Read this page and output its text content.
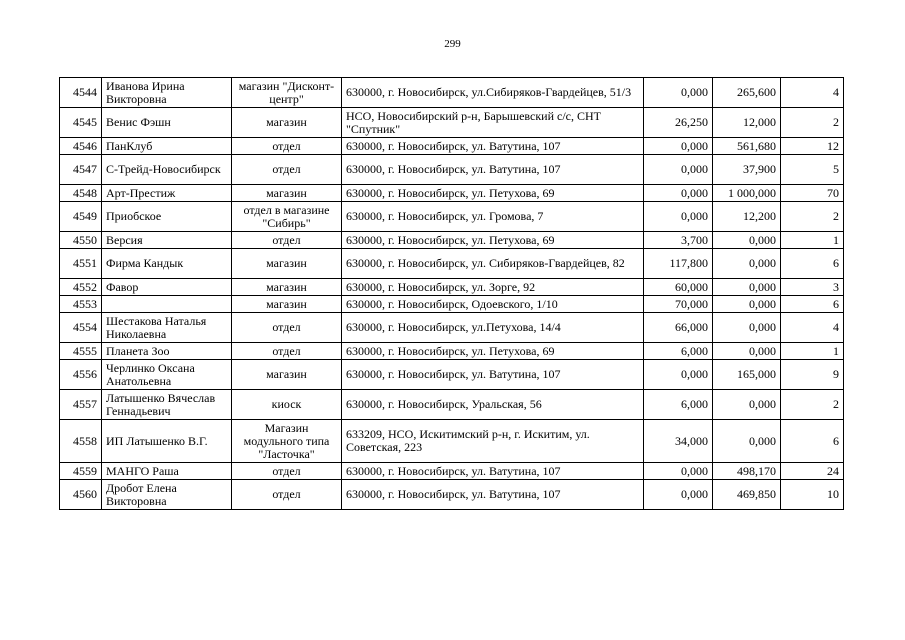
299
4544	Иванова Ирина Викторовна	магазин "Дисконт-центр"	630000, г. Новосибирск, ул.Сибиряков-Гвардейцев, 51/3	0,000	265,600	4
4545	Венис Фэшн	магазин	НСО, Новосибирский р-н, Барышевский с/с, СНТ "Спутник"	26,250	12,000	2
4546	ПанКлуб	отдел	630000, г. Новосибирск, ул. Ватутина, 107	0,000	561,680	12
4547	С-Трейд-Новосибирск	отдел	630000, г. Новосибирск, ул. Ватутина, 107	0,000	37,900	5
4548	Арт-Престиж	магазин	630000, г. Новосибирск, ул. Петухова, 69	0,000	1 000,000	70
4549	Приобское	отдел в магазине "Сибирь"	630000, г. Новосибирск, ул. Громова, 7	0,000	12,200	2
4550	Версия	отдел	630000, г. Новосибирск, ул. Петухова, 69	3,700	0,000	1
4551	Фирма Кандык	магазин	630000, г. Новосибирск, ул. Сибиряков-Гвардейцев, 82	117,800	0,000	6
4552	Фавор	магазин	630000, г. Новосибирск, ул. Зорге, 92	60,000	0,000	3
4553		магазин	630000, г. Новосибирск, Одоевского, 1/10	70,000	0,000	6
4554	Шестакова Наталья Николаевна	отдел	630000, г. Новосибирск, ул.Петухова, 14/4	66,000	0,000	4
4555	Планета Зоо	отдел	630000, г. Новосибирск, ул. Петухова, 69	6,000	0,000	1
4556	Черлинко Оксана Анатольевна	магазин	630000, г. Новосибирск, ул. Ватутина, 107	0,000	165,000	9
4557	Латышенко Вячеслав Геннадьевич	киоск	630000, г. Новосибирск, Уральская, 56	6,000	0,000	2
4558	ИП Латышенко В.Г.	Магазин модульного типа "Ласточка"	633209, НСО, Искитимский р-н, г. Искитим, ул. Советская, 223	34,000	0,000	6
4559	МАНГО Раша	отдел	630000, г. Новосибирск, ул. Ватутина, 107	0,000	498,170	24
4560	Дробот Елена Викторовна	отдел	630000, г. Новосибирск, ул. Ватутина, 107	0,000	469,850	10
